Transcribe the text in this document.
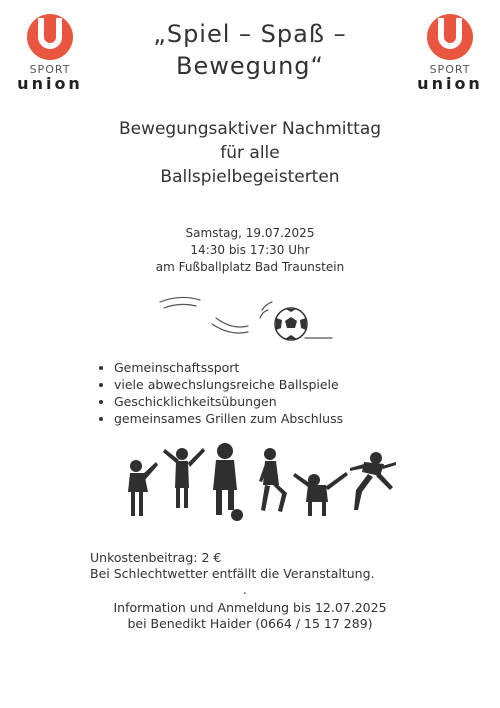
SPORT
union
SPORT
union
„Spiel – Spaß –
Bewegung“
Bewegungsaktiver Nachmittag
für alle
Ballspielbegeisterten
Samstag, 19.07.2025
14:30 bis 17:30 Uhr
am Fußballplatz Bad Traunstein
• Gemeinschaftssport
• viele abwechslungsreiche Ballspiele
• Geschicklichkeitsübungen
• gemeinsames Grillen zum Abschluss
Unkostenbeitrag: 2 €
Bei Schlechtwetter entfällt die Veranstaltung.
.
Information und Anmeldung bis 12.07.2025
bei Benedikt Haider (0664 / 15 17 289)
